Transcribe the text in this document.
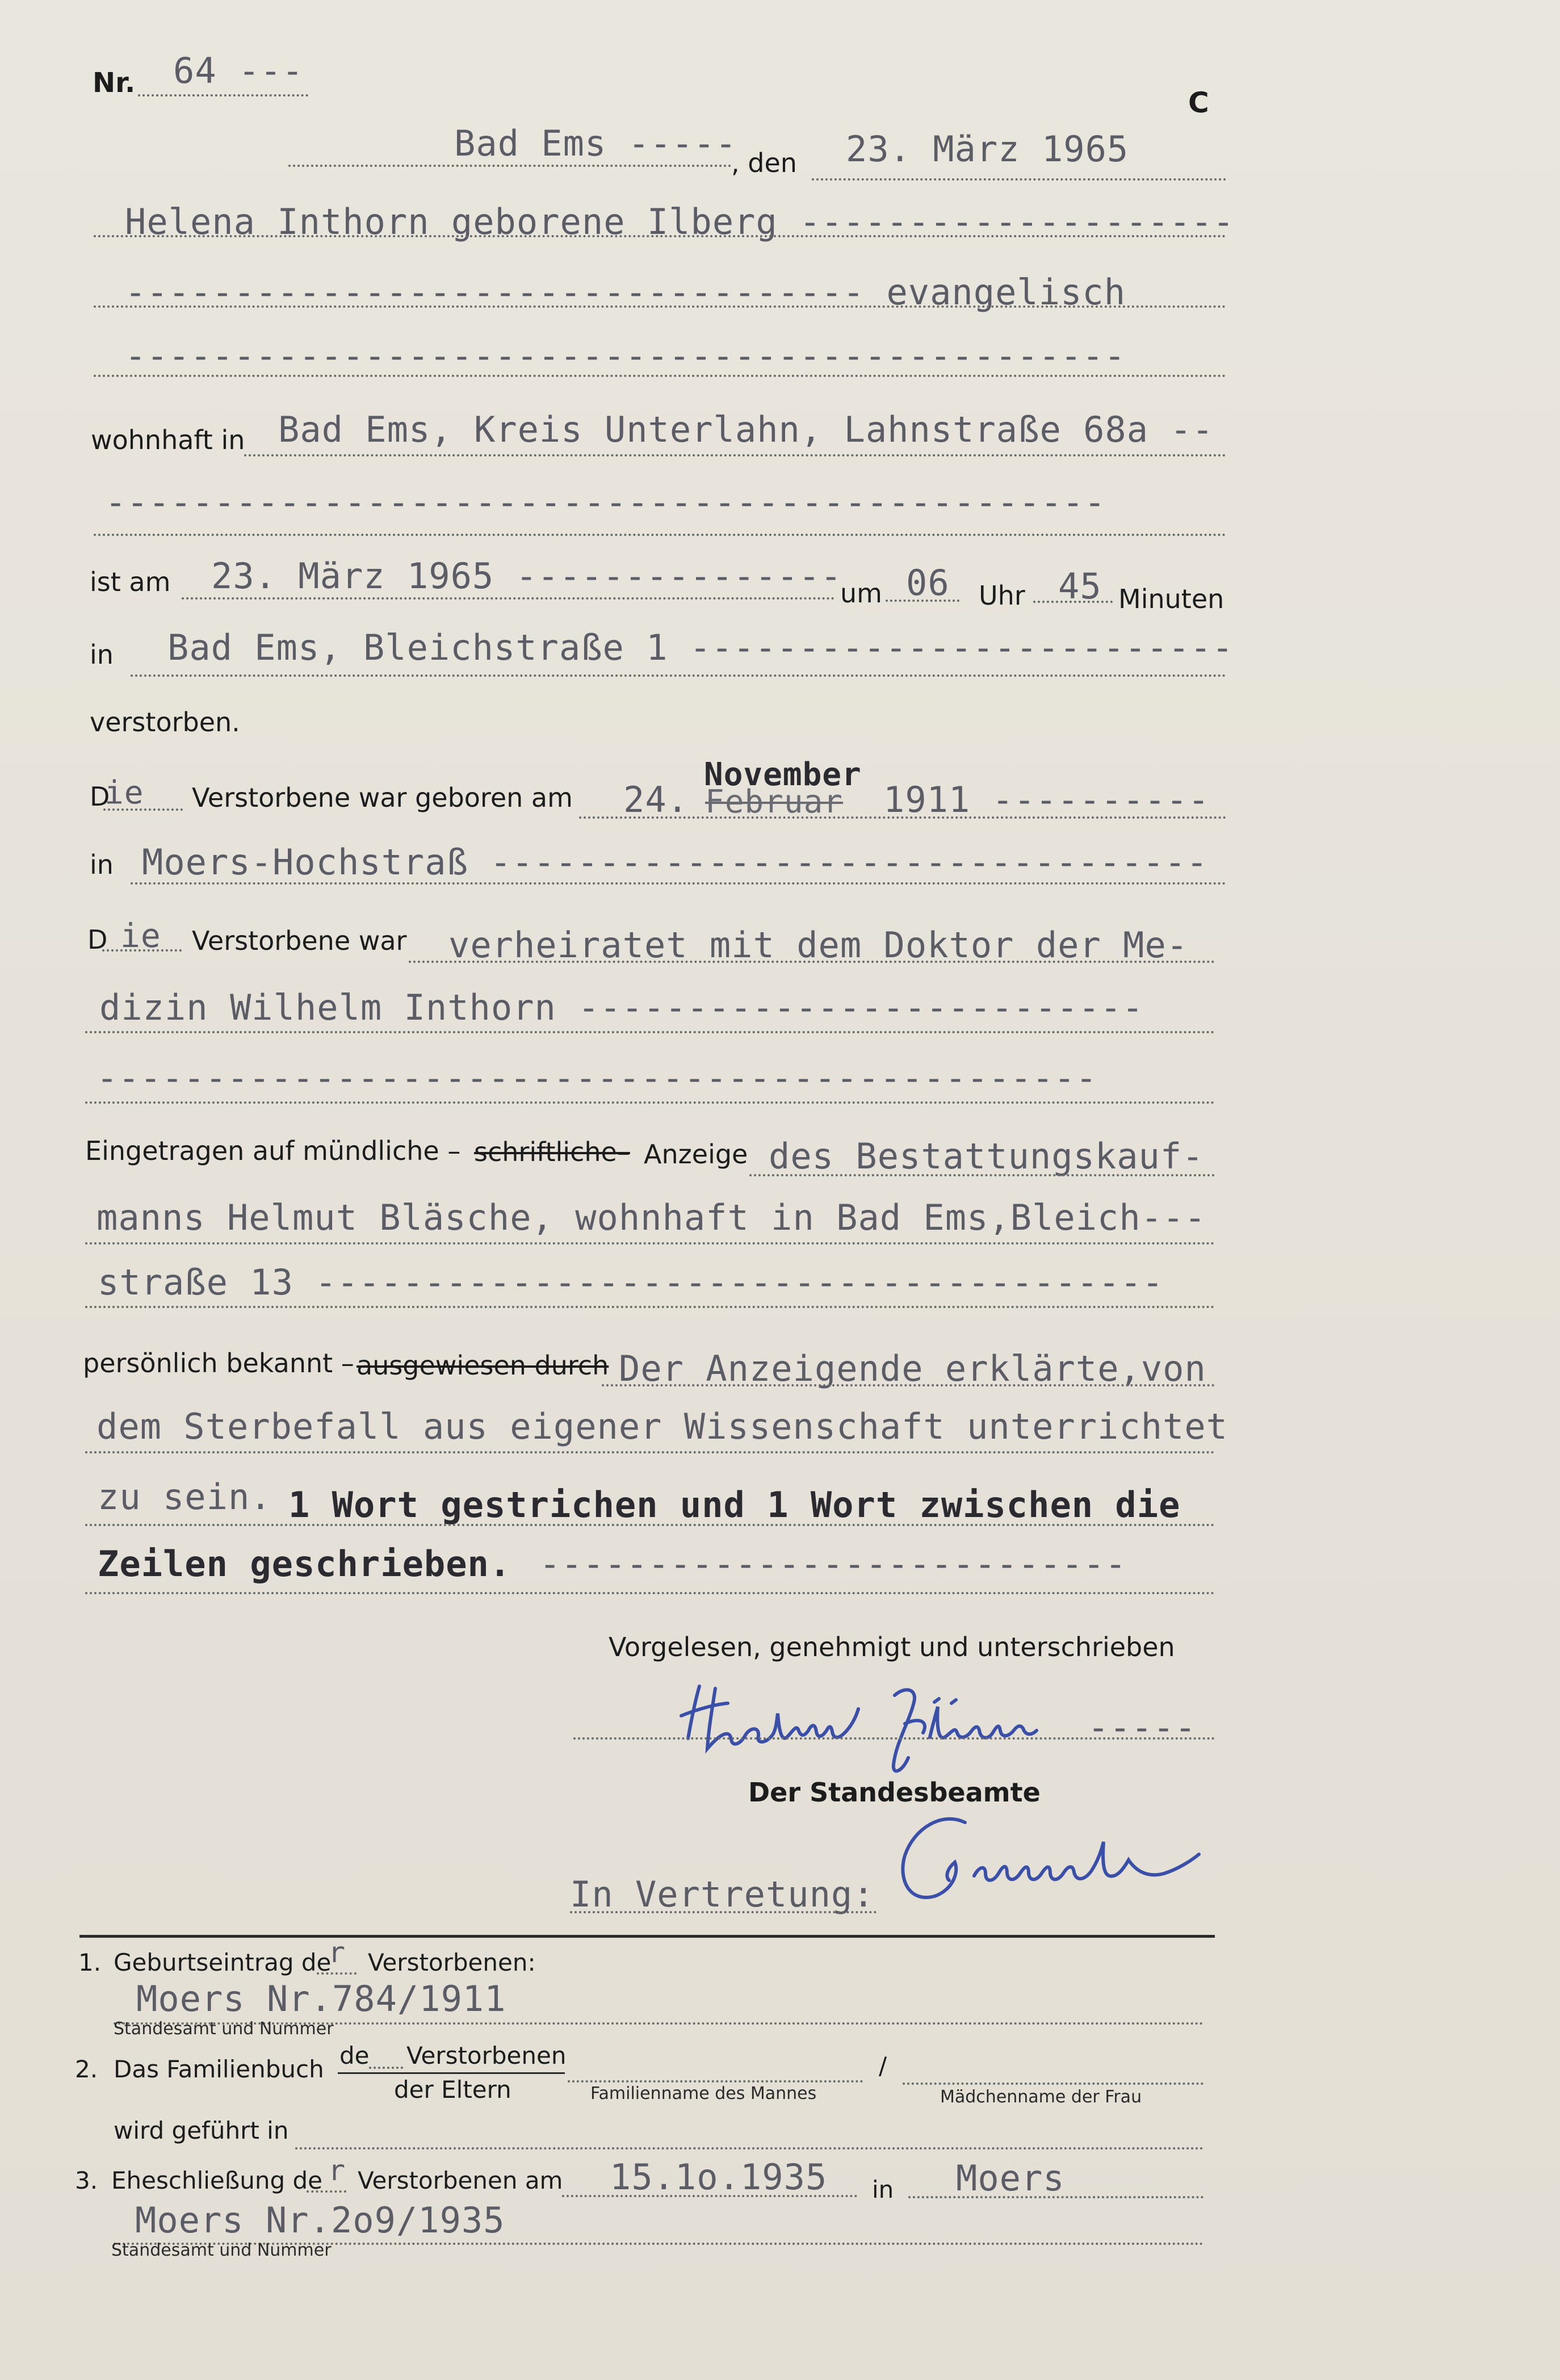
Nr. 64 ---
C
Bad Ems -----
, den 23. März 1965
Helena Inthorn geborene Ilberg --------------------
---------------------------------- evangelisch
----------------------------------------------
wohnhaft in Bad Ems, Kreis Unterlahn, Lahnstraße 68a --
----------------------------------------------
ist am 23. März 1965 ---------------
um 06 Uhr 45 Minuten
in Bad Ems, Bleichstraße 1 -------------------------
verstorben.
D
ie Verstorbene war geboren am 24.
November
Februar 1911 ----------
in Moers-Hochstraß ---------------------------------
D ie Verstorbene war verheiratet mit dem Doktor der Me-
dizin Wilhelm Inthorn --------------------------
----------------------------------------------
Eingetragen auf mündliche – schriftliche– Anzeige des Bestattungskauf-
manns Helmut Bläsche, wohnhaft in Bad Ems,Bleich---
straße 13 ---------------------------------------
persönlich bekannt – ausgewiesen durch Der Anzeigende erklärte,von
dem Sterbefall aus eigener Wissenschaft unterrichtet
zu sein. 1 Wort gestrichen und 1 Wort zwischen die
Zeilen geschrieben. ---------------------------
Vorgelesen, genehmigt und unterschrieben
-----
Der Standesbeamte
In Vertretung:
1. Geburtseintrag de
r Verstorbenen:
Moers Nr.784/1911
Standesamt und Nummer
2. Das Familienbuch de Verstorbenen
der Eltern	Familienname des Mannes
/
Mädchenname der Frau
wird geführt in
3. Eheschließung de r Verstorbenen am 15.1o.1935 in Moers
Moers Nr.2o9/1935
Standesamt und Nummer
